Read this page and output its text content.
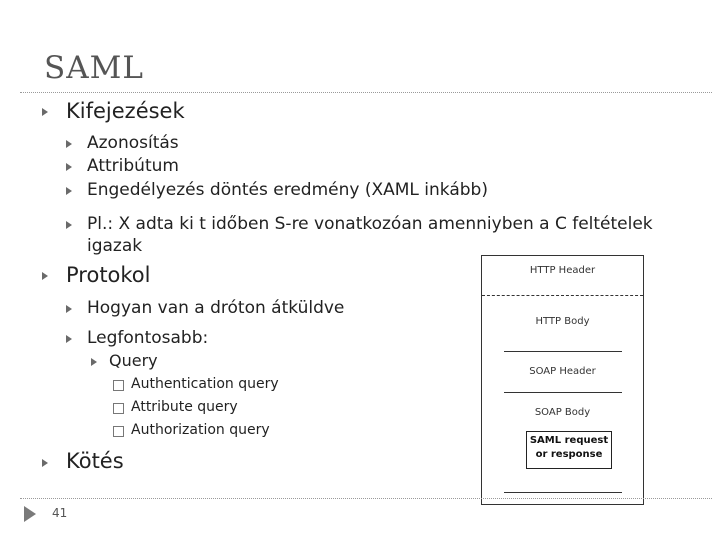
SAML
Kifejezések
Azonosítás
Attribútum
Engedélyezés döntés eredmény (XAML inkább)
Pl.: X adta ki t időben S-re vonatkozóan amenniyben a C feltételek
igazak
Protokol
Hogyan van a dróton átküldve
Legfontosabb:
Query
Authentication query
Attribute query
Authorization query
Kötés
HTTP Header
HTTP Body
SOAP Header
SOAP Body
SAML request
or response
41
